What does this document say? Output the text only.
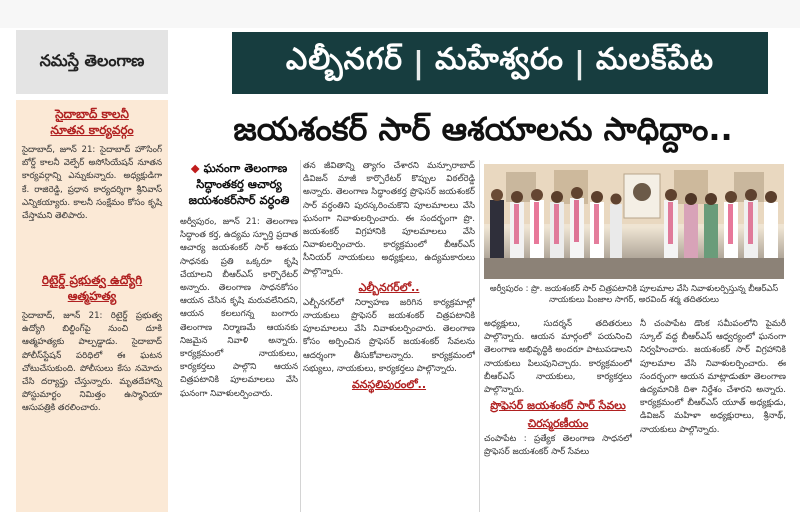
నమస్తే తెలంగాణ	ఎల్బీనగర్ | మహేశ్వరం | మలక్‌పేట
జయశంకర్ సార్ ఆశయాలను సాధిద్దాం..
సైదాబాద్ కాలనీ
నూతన కార్యవర్గం
సైదాబాద్, జూన్ 21: సైదాబాద్ హౌసింగ్ బోర్డ్ కాలనీ వెల్ఫేర్ అసోసియేషన్ నూతన కార్యవర్గాన్ని ఎన్నుకున్నారు. అధ్యక్షుడిగా కే. రాజిరెడ్డి, ప్రధాన కార్యదర్శిగా శ్రీనివాస్ ఎన్నికయ్యారు. కాలనీ సంక్షేమం కోసం కృషి చేస్తామని తెలిపారు.
రిటైర్డ్ ప్రభుత్వ ఉద్యోగి
ఆత్మహత్య
సైదాబాద్, జూన్ 21: రిటైర్డ్ ప్రభుత్వ ఉద్యోగి బిల్డింగ్‌పై నుంచి దూకి ఆత్మహత్యకు పాల్పడ్డాడు. సైదాబాద్ పోలీస్‌స్టేషన్ పరిధిలో ఈ ఘటన చోటుచేసుకుంది. పోలీసులు కేసు నమోదు చేసి దర్యాప్తు చేస్తున్నారు. మృతదేహాన్ని పోస్టుమార్టం నిమిత్తం ఉస్మానియా ఆసుపత్రికి తరలించారు.
◆ ఘనంగా తెలంగాణ సిద్ధాంతకర్త ఆచార్య జయశంకర్‌సార్ వర్ధంతి
అర్వీపురం, జూన్ 21: తెలంగాణ సిద్ధాంత కర్త, ఉద్యమ స్ఫూర్తి ప్రదాత ఆచార్య జయశంకర్ సార్ ఆశయ సాధనకు ప్రతి ఒక్కరూ కృషి చేయాలని బీఆర్‌ఎస్ కార్పొరేటర్ అన్నారు. తెలంగాణ సాధనకోసం ఆయన చేసిన కృషి మరువలేనిదని, ఆయన కలలుగన్న బంగారు తెలంగాణ నిర్మాణమే ఆయనకు నిజమైన నివాళి అన్నారు. కార్యక్రమంలో నాయకులు, కార్యకర్తలు పాల్గొని ఆయన చిత్రపటానికి పూలమాలలు వేసి ఘనంగా నివాళులర్పించారు.
తన జీవితాన్ని త్యాగం చేశారని మన్సూరాబాద్ డివిజన్ మాజీ కార్పొరేటర్ కొప్పుల విఠల్‌రెడ్డి అన్నారు. తెలంగాణ సిద్ధాంతకర్త ప్రొఫెసర్ జయశంకర్ సార్ వర్ధంతిని పురస్కరించుకొని పూలమాలలు వేసి ఘనంగా నివాళులర్పించారు. ఈ సందర్భంగా ప్రొ. జయశంకర్ విగ్రహానికి పూలమాలలు వేసి నివాళులర్పించారు. కార్యక్రమంలో బీఆర్‌ఎస్ సీనియర్ నాయకులు అధ్యక్షులు, ఉద్యమకారులు పాల్గొన్నారు.
ఎల్బీనగర్‌లో..
ఎల్బీనగర్‌లో నిర్వాహణ జరిగిన కార్యక్రమాల్లో నాయకులు ప్రొఫెసర్ జయశంకర్ చిత్రపటానికి పూలమాలలు వేసి నివాళులర్పించారు. తెలంగాణ కోసం అర్పించిన ప్రొఫెసర్ జయశంకర్ సేవలను ఆదర్శంగా తీసుకోవాలన్నారు. కార్యక్రమంలో సభ్యులు, నాయకులు, కార్యకర్తలు పాల్గొన్నారు.
వనస్థలిపురంలో..
అర్వీపురం : ప్రొ. జయశంకర్ సార్ చిత్రపటానికి పూలమాల వేసి నివాళులర్పిస్తున్న బీఆర్‌ఎస్ నాయకులు పింజాల సాగర్, అరవింద్ శర్మ తదితరులు
అధ్యక్షులు, సుదర్శన్ తదితరులు పాల్గొన్నారు. ఆయన మార్గంలో పయనించి తెలంగాణ అభివృద్ధికి అందరూ పాటుపడాలని నాయకులు పిలుపునిచ్చారు. కార్యక్రమంలో బీఆర్‌ఎస్ నాయకులు, కార్యకర్తలు పాల్గొన్నారు.
ప్రొఫెసర్ జయశంకర్ సార్ సేవలు చిరస్మరణీయం
చంపాపేట : ప్రత్యేక తెలంగాణ సాధనలో ప్రొఫెసర్ జయశంకర్ సార్ సేవలు
నీ చంపాపేట డొంక సమీపంలోని పైమరీ స్కూల్ వద్ద బీఆర్‌ఎస్ ఆధ్వర్యంలో ఘనంగా నిర్వహించారు. జయశంకర్ సార్ విగ్రహానికి పూలమాల వేసి నివాళులర్పించారు. ఈ సందర్భంగా ఆయన మాట్లాడుతూ తెలంగాణ ఉద్యమానికి దిశా నిర్దేశం చేశారని అన్నారు. కార్యక్రమంలో బీఆర్‌ఎస్ యూత్ అధ్యక్షుడు, డివిజన్ మహిళా అధ్యక్షురాలు, శ్రీనాథ్, నాయకులు పాల్గొన్నారు.
